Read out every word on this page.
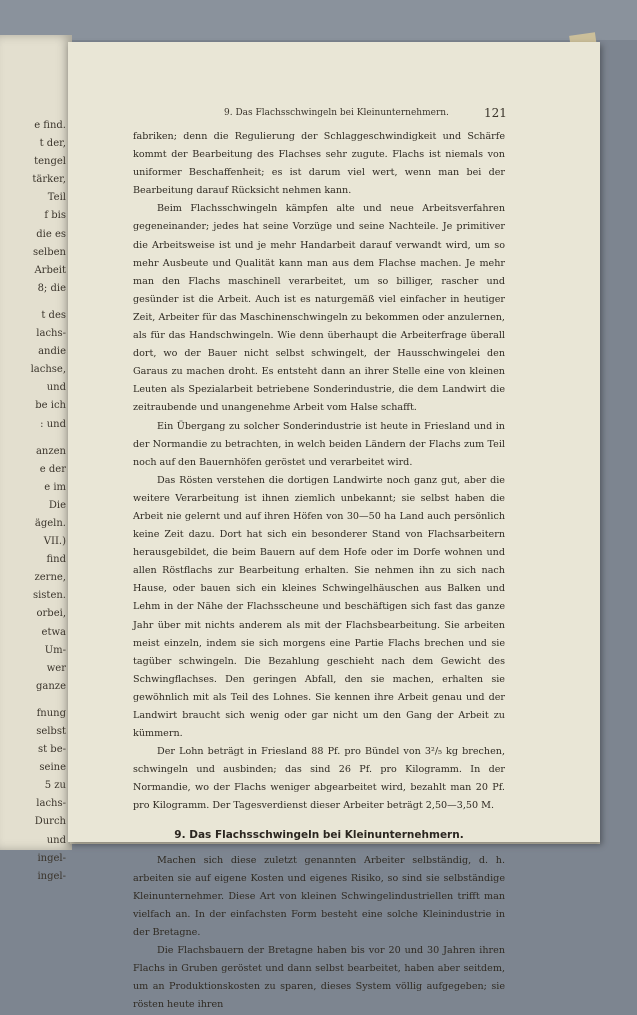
e find.
t der,
tengel
tärker,
Teil
f bis
die es
selben
Arbeit
8; die
t des
lachs-
andie
lachse,
und
be ich
: und
anzen
e der
e im
Die
ägeln.
VII.)
find
zerne,
sisten.
orbei,
etwa
Um-
wer
ganze
fnung
selbst
st be-
seine
5 zu
lachs-
Durch
und
ingel-
ingel-
9. Das Flachsschwingeln bei Kleinunternehmern.	121

fabriken; denn die Regulierung der Schlaggeschwindigkeit und Schärfe kommt der Bearbeitung des Flachses sehr zugute. Flachs ist niemals von uniformer Beschaffenheit; es ist darum viel wert, wenn man bei der Bearbeitung darauf Rücksicht nehmen kann.

Beim Flachsschwingeln kämpfen alte und neue Arbeitsverfahren gegeneinander; jedes hat seine Vorzüge und seine Nachteile. Je primitiver die Arbeitsweise ist und je mehr Handarbeit darauf verwandt wird, um so mehr Ausbeute und Qualität kann man aus dem Flachse machen. Je mehr man den Flachs maschinell verarbeitet, um so billiger, rascher und gesünder ist die Arbeit. Auch ist es naturgemäß viel einfacher in heutiger Zeit, Arbeiter für das Maschinenschwingeln zu bekommen oder anzulernen, als für das Handschwingeln. Wie denn überhaupt die Arbeiterfrage überall dort, wo der Bauer nicht selbst schwingelt, der Hausschwingelei den Garaus zu machen droht. Es entsteht dann an ihrer Stelle eine von kleinen Leuten als Spezialarbeit betriebene Sonderindustrie, die dem Landwirt die zeitraubende und unangenehme Arbeit vom Halse schafft.

Ein Übergang zu solcher Sonderindustrie ist heute in Friesland und in der Normandie zu betrachten, in welch beiden Ländern der Flachs zum Teil noch auf den Bauernhöfen geröstet und verarbeitet wird.

Das Rösten verstehen die dortigen Landwirte noch ganz gut, aber die weitere Verarbeitung ist ihnen ziemlich unbekannt; sie selbst haben die Arbeit nie gelernt und auf ihren Höfen von 30—50 ha Land auch persönlich keine Zeit dazu. Dort hat sich ein besonderer Stand von Flachsarbeitern herausgebildet, die beim Bauern auf dem Hofe oder im Dorfe wohnen und allen Röstflachs zur Bearbeitung erhalten. Sie nehmen ihn zu sich nach Hause, oder bauen sich ein kleines Schwingelhäuschen aus Balken und Lehm in der Nähe der Flachsscheune und beschäftigen sich fast das ganze Jahr über mit nichts anderem als mit der Flachsbearbeitung. Sie arbeiten meist einzeln, indem sie sich morgens eine Partie Flachs brechen und sie tagüber schwingeln. Die Bezahlung geschieht nach dem Gewicht des Schwingflachses. Den geringen Abfall, den sie machen, erhalten sie gewöhnlich mit als Teil des Lohnes. Sie kennen ihre Arbeit genau und der Landwirt braucht sich wenig oder gar nicht um den Gang der Arbeit zu kümmern.

Der Lohn beträgt in Friesland 88 Pf. pro Bündel von 3²/₅ kg brechen, schwingeln und ausbinden; das sind 26 Pf. pro Kilogramm. In der Normandie, wo der Flachs weniger abgearbeitet wird, bezahlt man 20 Pf. pro Kilogramm. Der Tagesverdienst dieser Arbeiter beträgt 2,50—3,50 M.

9. Das Flachsschwingeln bei Kleinunternehmern.

Machen sich diese zuletzt genannten Arbeiter selbständig, d. h. arbeiten sie auf eigene Kosten und eigenes Risiko, so sind sie selbständige Kleinunternehmer. Diese Art von kleinen Schwingelindustriellen trifft man vielfach an. In der einfachsten Form besteht eine solche Kleinindustrie in der Bretagne.

Die Flachsbauern der Bretagne haben bis vor 20 und 30 Jahren ihren Flachs in Gruben geröstet und dann selbst bearbeitet, haben aber seitdem, um an Produktionskosten zu sparen, dieses System völlig aufgegeben; sie rösten heute ihren
